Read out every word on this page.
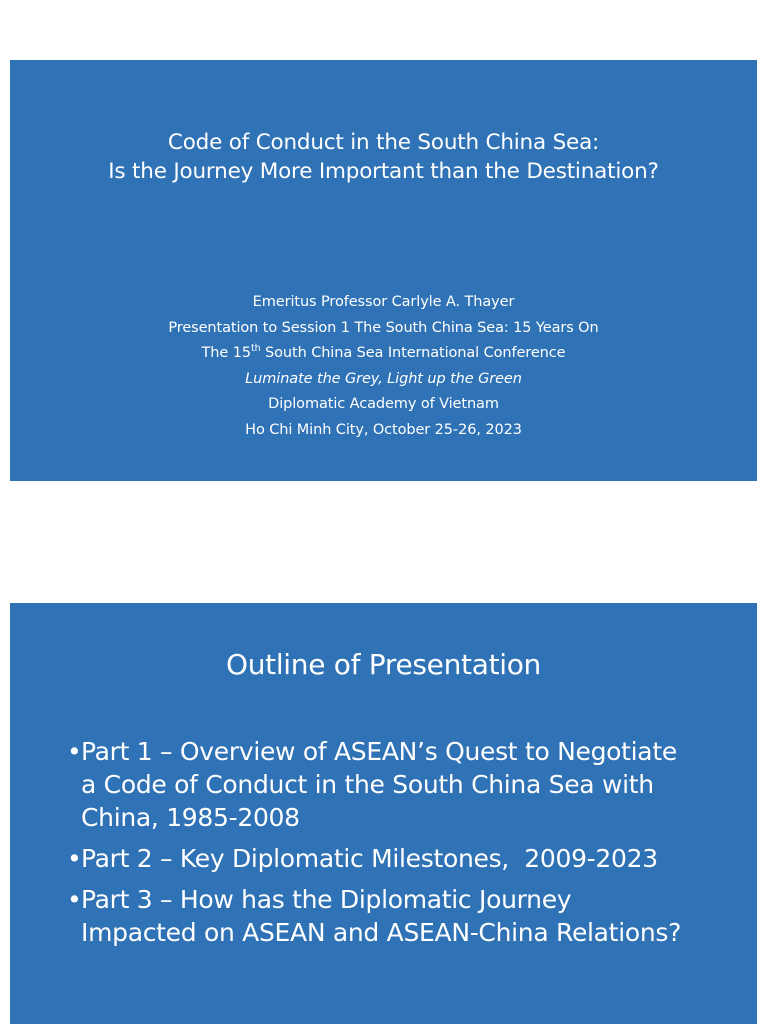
Code of Conduct in the South China Sea:
Is the Journey More Important than the Destination?
Emeritus Professor Carlyle A. Thayer
Presentation to Session 1 The South China Sea: 15 Years On
The 15th South China Sea International Conference
Luminate the Grey, Light up the Green
Diplomatic Academy of Vietnam
Ho Chi Minh City, October 25-26, 2023
Outline of Presentation
• Part 1 – Overview of ASEAN’s Quest to Negotiate
a Code of Conduct in the South China Sea with
China, 1985-2008
• Part 2 – Key Diplomatic Milestones,  2009-2023
• Part 3 – How has the Diplomatic Journey
Impacted on ASEAN and ASEAN-China Relations?
